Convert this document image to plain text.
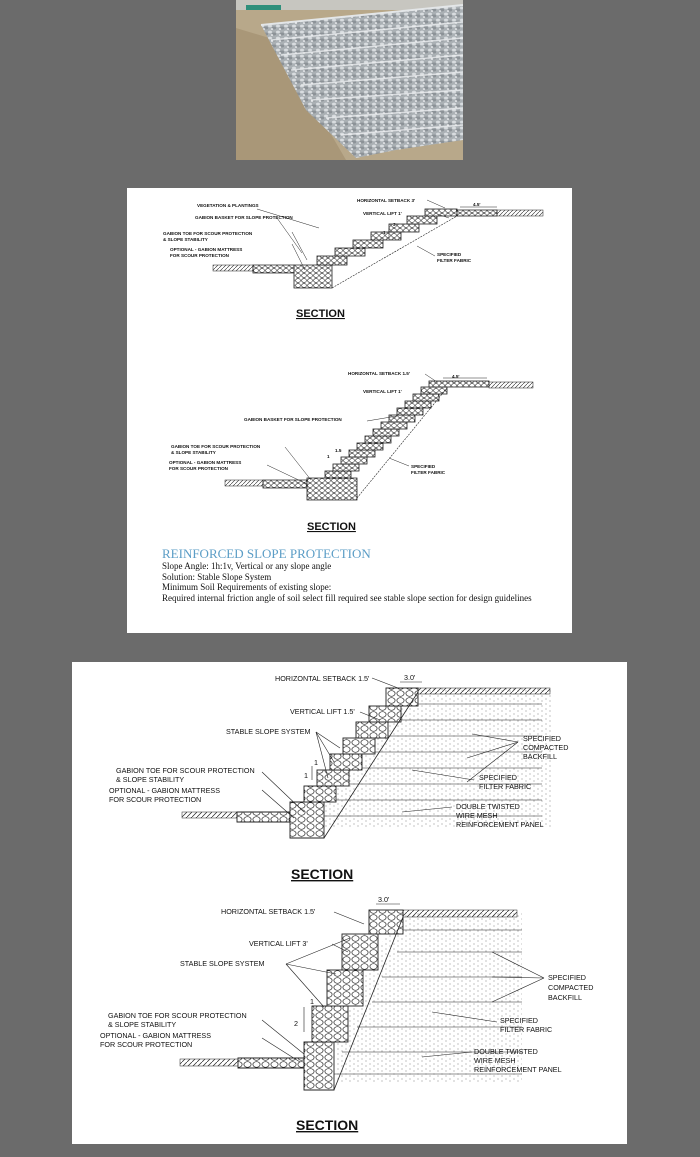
VEGETATION & PLANTINGS
GABION BASKET FOR SLOPE PROTECTION
GABION TOE FOR SCOUR PROTECTION
& SLOPE STABILITY
OPTIONAL - GABION MATTRESS
FOR SCOUR PROTECTION
HORIZONTAL SETBACK 3'
VERTICAL LIFT 1'
4.5'
1
3
SPECIFIED
FILTER FABRIC
SECTION
HORIZONTAL SETBACK 1.5'
VERTICAL LIFT 1'
GABION BASKET FOR SLOPE PROTECTION
GABION TOE FOR SCOUR PROTECTION
& SLOPE STABILITY
OPTIONAL - GABION MATTRESS
FOR SCOUR PROTECTION
4.5'
1
1.5
SPECIFIED
FILTER FABRIC
SECTION
REINFORCED SLOPE PROTECTION
Slope Angle: 1h:1v, Vertical or any slope angle
Solution: Stable Slope System
Minimum Soil Requirements of existing slope:
Required internal friction angle of soil select fill required see stable slope section for design guidelines
HORIZONTAL SETBACK 1.5'
VERTICAL LIFT 1.5'
STABLE SLOPE SYSTEM
GABION TOE FOR SCOUR PROTECTION
& SLOPE STABILITY
OPTIONAL - GABION MATTRESS
FOR SCOUR PROTECTION
3.0'
1
1
SPECIFIED
COMPACTED
BACKFILL
SPECIFIED
FILTER FABRIC
DOUBLE TWISTED
WIRE MESH
REINFORCEMENT PANEL
SECTION
HORIZONTAL SETBACK 1.5'
VERTICAL LIFT 3'
STABLE SLOPE SYSTEM
GABION TOE FOR SCOUR PROTECTION
& SLOPE STABILITY
OPTIONAL - GABION MATTRESS
FOR SCOUR PROTECTION
3.0'
2
1
SPECIFIED
COMPACTED
BACKFILL
SPECIFIED
FILTER FABRIC
DOUBLE TWISTED
WIRE MESH
REINFORCEMENT PANEL
SECTION
